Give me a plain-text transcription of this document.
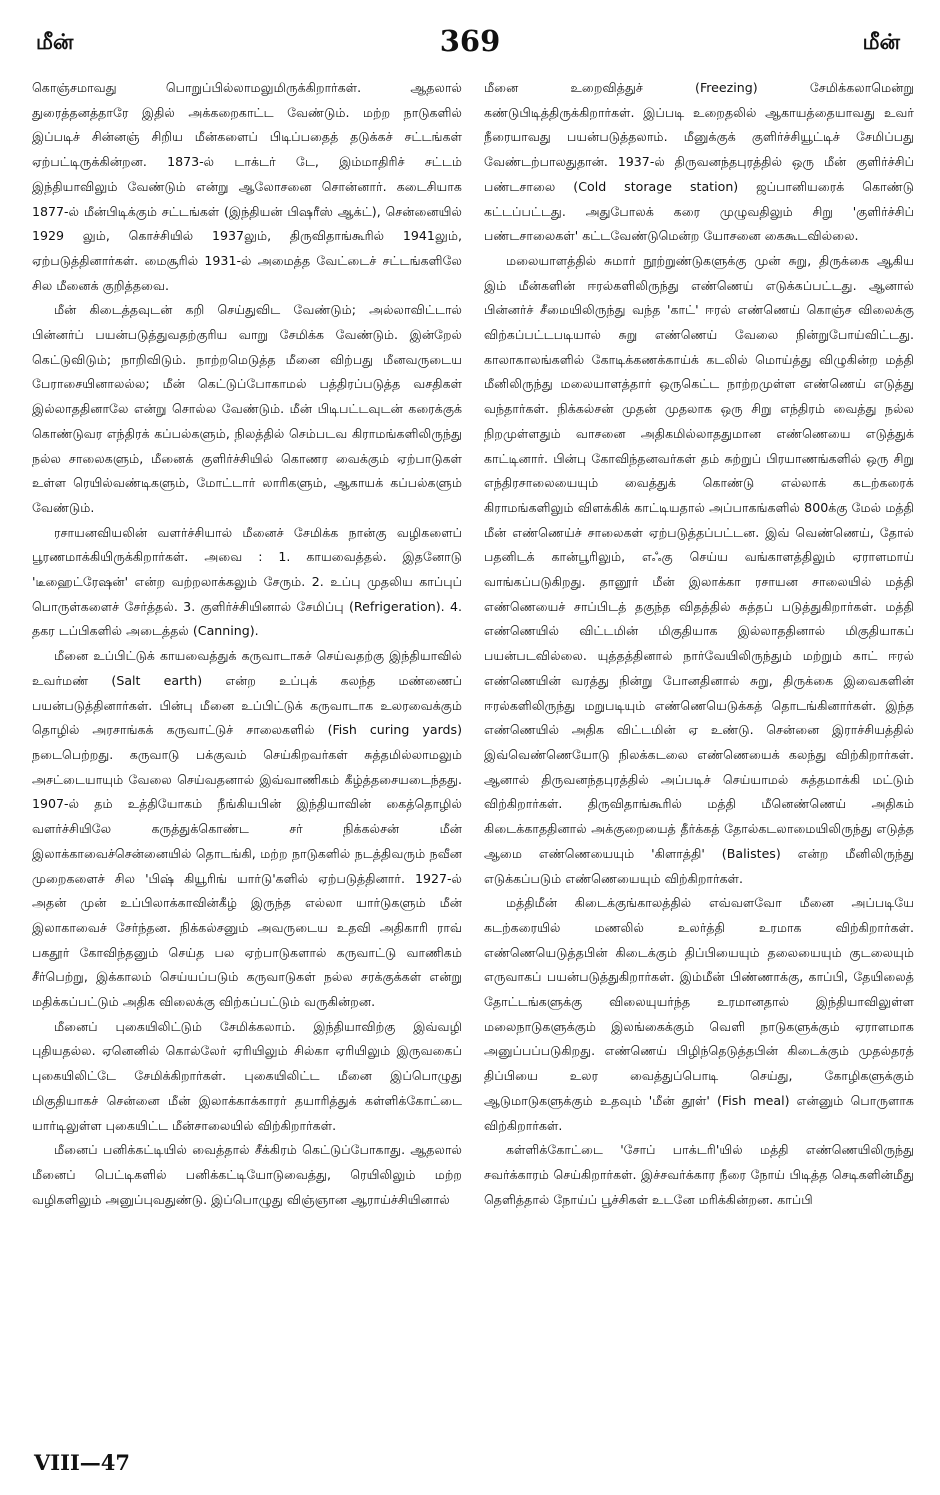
மீன்	369	மீன்

கொஞ்சமாவது பொறுப்பில்லாமலுமிருக்கிறார்கள். ஆதலால் துரைத்தனத்தாரே இதில் அக்கறைகாட்ட வேண்டும். மற்ற நாடுகளில் இப்படிச் சின்னஞ் சிறிய மீன்களைப் பிடிப்பதைத் தடுக்கச் சட்டங்கள் ஏற்பட்டிருக்கின்றன. 1873-ல் டாக்டர் டே, இம்மாதிரிச் சட்டம் இந்தியாவிலும் வேண்டும் என்று ஆலோசனை சொன்னார். கடைசியாக 1877-ல் மீன்பிடிக்கும் சட்டங்கள் (இந்தியன் பிஷரீஸ் ஆக்ட்), சென்னையில் 1929 லும், கொச்சியில் 1937லும், திருவிதாங்கூரில் 1941லும், ஏற்படுத்தினார்கள். மைசூரில் 1931-ல் அமைத்த வேட்டைச் சட்டங்களிலே சில மீனைக் குறித்தவை.

மீன் கிடைத்தவுடன் கறி செய்துவிட வேண்டும்; அல்லாவிட்டால் பின்னர்ப் பயன்படுத்துவதற்குரிய வாறு சேமிக்க வேண்டும். இன்றேல் கெட்டுவிடும்; நாறிவிடும். நாற்றமெடுத்த மீனை விற்பது மீனவருடைய பேராசையினாலல்ல; மீன் கெட்டுப்போகாமல் பத்திரப்படுத்த வசதிகள் இல்லாததினாலே என்று சொல்ல வேண்டும். மீன் பிடிபட்டவுடன் கரைக்குக் கொண்டுவர எந்திரக் கப்பல்களும், நிலத்தில் செம்படவ கிராமங்களிலிருந்து நல்ல சாலைகளும், மீனைக் குளிர்ச்சியில் கொணர வைக்கும் ஏற்பாடுகள் உள்ள ரெயில்வண்டிகளும், மோட்டார் லாரிகளும், ஆகாயக் கப்பல்களும் வேண்டும்.

ரசாயனவியலின் வளர்ச்சியால் மீனைச் சேமிக்க நான்கு வழிகளைப் பூரணமாக்கியிருக்கிறார்கள். அவை : 1. காயவைத்தல். இதனோடு 'டீஹைட்ரேஷன்' என்ற வற்றலாக்கலும் சேரும். 2. உப்பு முதலிய காப்புப் பொருள்களைச் சேர்த்தல். 3. குளிர்ச்சியினால் சேமிப்பு (Refrigeration). 4. தகர டப்பிகளில் அடைத்தல் (Canning).

மீனை உப்பிட்டுக் காயவைத்துக் கருவாடாகச் செய்வதற்கு இந்தியாவில் உவர்மண் (Salt earth) என்ற உப்புக் கலந்த மண்ணைப் பயன்படுத்தினார்கள். பின்பு மீனை உப்பிட்டுக் கருவாடாக உலரவைக்கும் தொழில் அரசாங்கக் கருவாட்டுச் சாலைகளில் (Fish curing yards) நடைபெற்றது. கருவாடு பக்குவம் செய்கிறவர்கள் சுத்தமில்லாமலும் அசட்டையாயும் வேலை செய்வதனால் இவ்வாணிகம் கீழ்த்தசையடைந்தது. 1907-ல் தம் உத்தியோகம் நீங்கியபின் இந்தியாவின் கைத்தொழில் வளர்ச்சியிலே கருத்துக்கொண்ட சர் நிக்கல்சன் மீன் இலாக்காவைச்சென்னையில் தொடங்கி, மற்ற நாடுகளில் நடத்திவரும் நவீன முறைகளைச் சில 'பிஷ் கியூரிங் யார்டு'களில் ஏற்படுத்தினார். 1927-ல் அதன் முன் உப்பிலாக்காவின்கீழ் இருந்த எல்லா யார்டுகளும் மீன் இலாகாவைச் சேர்ந்தன. நிக்கல்சனும் அவருடைய உதவி அதிகாரி ராவ் பகதூர் கோவிந்தனும் செய்த பல ஏற்பாடுகளால் கருவாட்டு வாணிகம் சீர்பெற்று, இக்காலம் செய்யப்படும் கருவாடுகள் நல்ல சரக்குக்கள் என்று மதிக்கப்பட்டும் அதிக விலைக்கு விற்கப்பட்டும் வருகின்றன.

மீனைப் புகையிலிட்டும் சேமிக்கலாம். இந்தியாவிற்கு இவ்வழி புதியதல்ல. ஏனெனில் கொல்லேர் ஏரியிலும் சில்கா ஏரியிலும் இருவகைப் புகையிலிட்டே சேமிக்கிறார்கள். புகையிலிட்ட மீனை இப்பொழுது மிகுதியாகச் சென்னை மீன் இலாக்காக்காரர் தயாரித்துக் கள்ளிக்கோட்டை யார்டிலுள்ள புகையிட்ட மீன்சாலையில் விற்கிறார்கள்.

மீனைப் பனிக்கட்டியில் வைத்தால் சீக்கிரம் கெட்டுப்போகாது. ஆதலால் மீனைப் பெட்டிகளில் பனிக்கட்டியோடுவைத்து, ரெயிலிலும் மற்ற வழிகளிலும் அனுப்புவதுண்டு. இப்பொழுது விஞ்ஞான ஆராய்ச்சியினால்

மீனை உறைவித்துச் (Freezing) சேமிக்கலாமென்று கண்டுபிடித்திருக்கிறார்கள். இப்படி உறைதலில் ஆகாயத்தையாவது உவர் நீரையாவது பயன்படுத்தலாம். மீனுக்குக் குளிர்ச்சியூட்டிச் சேமிப்பது வேண்டற்பாலதுதான். 1937-ல் திருவனந்தபுரத்தில் ஒரு மீன் குளிர்ச்சிப் பண்டசாலை (Cold storage station) ஜப்பானியரைக் கொண்டு கட்டப்பட்டது. அதுபோலக் கரை முழுவதிலும் சிறு 'குளிர்ச்சிப் பண்டசாலைகள்' கட்டவேண்டுமென்ற யோசனை கைகூடவில்லை.

மலையாளத்தில் சுமார் நூற்றுண்டுகளுக்கு முன் சுறு, திருக்கை ஆகிய இம் மீன்களின் ஈரல்களிலிருந்து எண்ணெய் எடுக்கப்பட்டது. ஆனால் பின்னர்ச் சீமையிலிருந்து வந்த 'காட்' ஈரல் எண்ணெய் கொஞ்ச விலைக்கு விற்கப்பட்டபடியால் சுறு எண்ணெய் வேலை நின்றுபோய்விட்டது. காலாகாலங்களில் கோடிக்கணக்காய்க் கடலில் மொய்த்து விழுகின்ற மத்தி மீனிலிருந்து மலையாளத்தார் ஒருகெட்ட நாற்றமுள்ள எண்ணெய் எடுத்து வந்தார்கள். நிக்கல்சன் முதன் முதலாக ஒரு சிறு எந்திரம் வைத்து நல்ல நிறமுள்ளதும் வாசனை அதிகமில்லாததுமான எண்ணெயை எடுத்துக் காட்டினார். பின்பு கோவிந்தனவர்கள் தம் சுற்றுப் பிரயாணங்களில் ஒரு சிறு எந்திரசாலையையும் வைத்துக் கொண்டு எல்லாக் கடற்கரைக் கிராமங்களிலும் விளக்கிக் காட்டியதால் அப்பாகங்களில் 800க்கு மேல் மத்தி மீன் எண்ணெய்ச் சாலைகள் ஏற்படுத்தப்பட்டன. இவ் வெண்ணெய், தோல் பதனிடக் கான்பூரிலும், எஃகு செய்ய வங்காளத்திலும் ஏராளமாய் வாங்கப்படுகிறது. தானூர் மீன் இலாக்கா ரசாயன சாலையில் மத்தி எண்ணெயைச் சாப்பிடத் தகுந்த விதத்தில் சுத்தப் படுத்துகிறார்கள். மத்தி எண்ணெயில் விட்டமின் மிகுதியாக இல்லாததினால் மிகுதியாகப் பயன்படவில்லை. யுத்தத்தினால் நார்வேயிலிருந்தும் மற்றும் காட் ஈரல் எண்ணெயின் வரத்து நின்று போனதினால் சுறு, திருக்கை இவைகளின் ஈரல்களிலிருந்து மறுபடியும் எண்ணெயெடுக்கத் தொடங்கினார்கள். இந்த எண்ணெயில் அதிக விட்டமின் ஏ உண்டு. சென்னை இராச்சியத்தில் இவ்வெண்ணெயோடு நிலக்கடலை எண்ணெயைக் கலந்து விற்கிறார்கள். ஆனால் திருவனந்தபுரத்தில் அப்படிச் செய்யாமல் சுத்தமாக்கி மட்டும் விற்கிறார்கள். திருவிதாங்கூரில் மத்தி மீனெண்ணெய் அதிகம் கிடைக்காததினால் அக்குறையைத் தீர்க்கத் தோல்கடலாமையிலிருந்து எடுத்த ஆமை எண்ணெயையும் 'கிளாத்தி' (Balistes) என்ற மீனிலிருந்து எடுக்கப்படும் எண்ணெயையும் விற்கிறார்கள்.

மத்திமீன் கிடைக்குங்காலத்தில் எவ்வளவோ மீனை அப்படியே கடற்கரையில் மணலில் உலர்த்தி உரமாக விற்கிறார்கள். எண்ணெயெடுத்தபின் கிடைக்கும் திப்பியையும் தலையையும் குடலையும் எருவாகப் பயன்படுத்துகிறார்கள். இம்மீன் பிண்ணாக்கு, காப்பி, தேயிலைத் தோட்டங்களுக்கு விலையுயர்ந்த உரமானதால் இந்தியாவிலுள்ள மலைநாடுகளுக்கும் இலங்கைக்கும் வெளி நாடுகளுக்கும் ஏராளமாக அனுப்பப்படுகிறது. எண்ணெய் பிழிந்தெடுத்தபின் கிடைக்கும் முதல்தரத் திப்பியை உலர வைத்துப்பொடி செய்து, கோழிகளுக்கும் ஆடுமாடுகளுக்கும் உதவும் 'மீன் தூள்' (Fish meal) என்னும் பொருளாக விற்கிறார்கள்.

கள்ளிக்கோட்டை 'சோப் பாக்டரி'யில் மத்தி எண்ணெயிலிருந்து சவர்க்காரம் செய்கிறார்கள். இச்சவர்க்கார நீரை நோய் பிடித்த செடிகளின்மீது தெளித்தால் நோய்ப் பூச்சிகள் உடனே மரிக்கின்றன. காப்பி

VIII—47
